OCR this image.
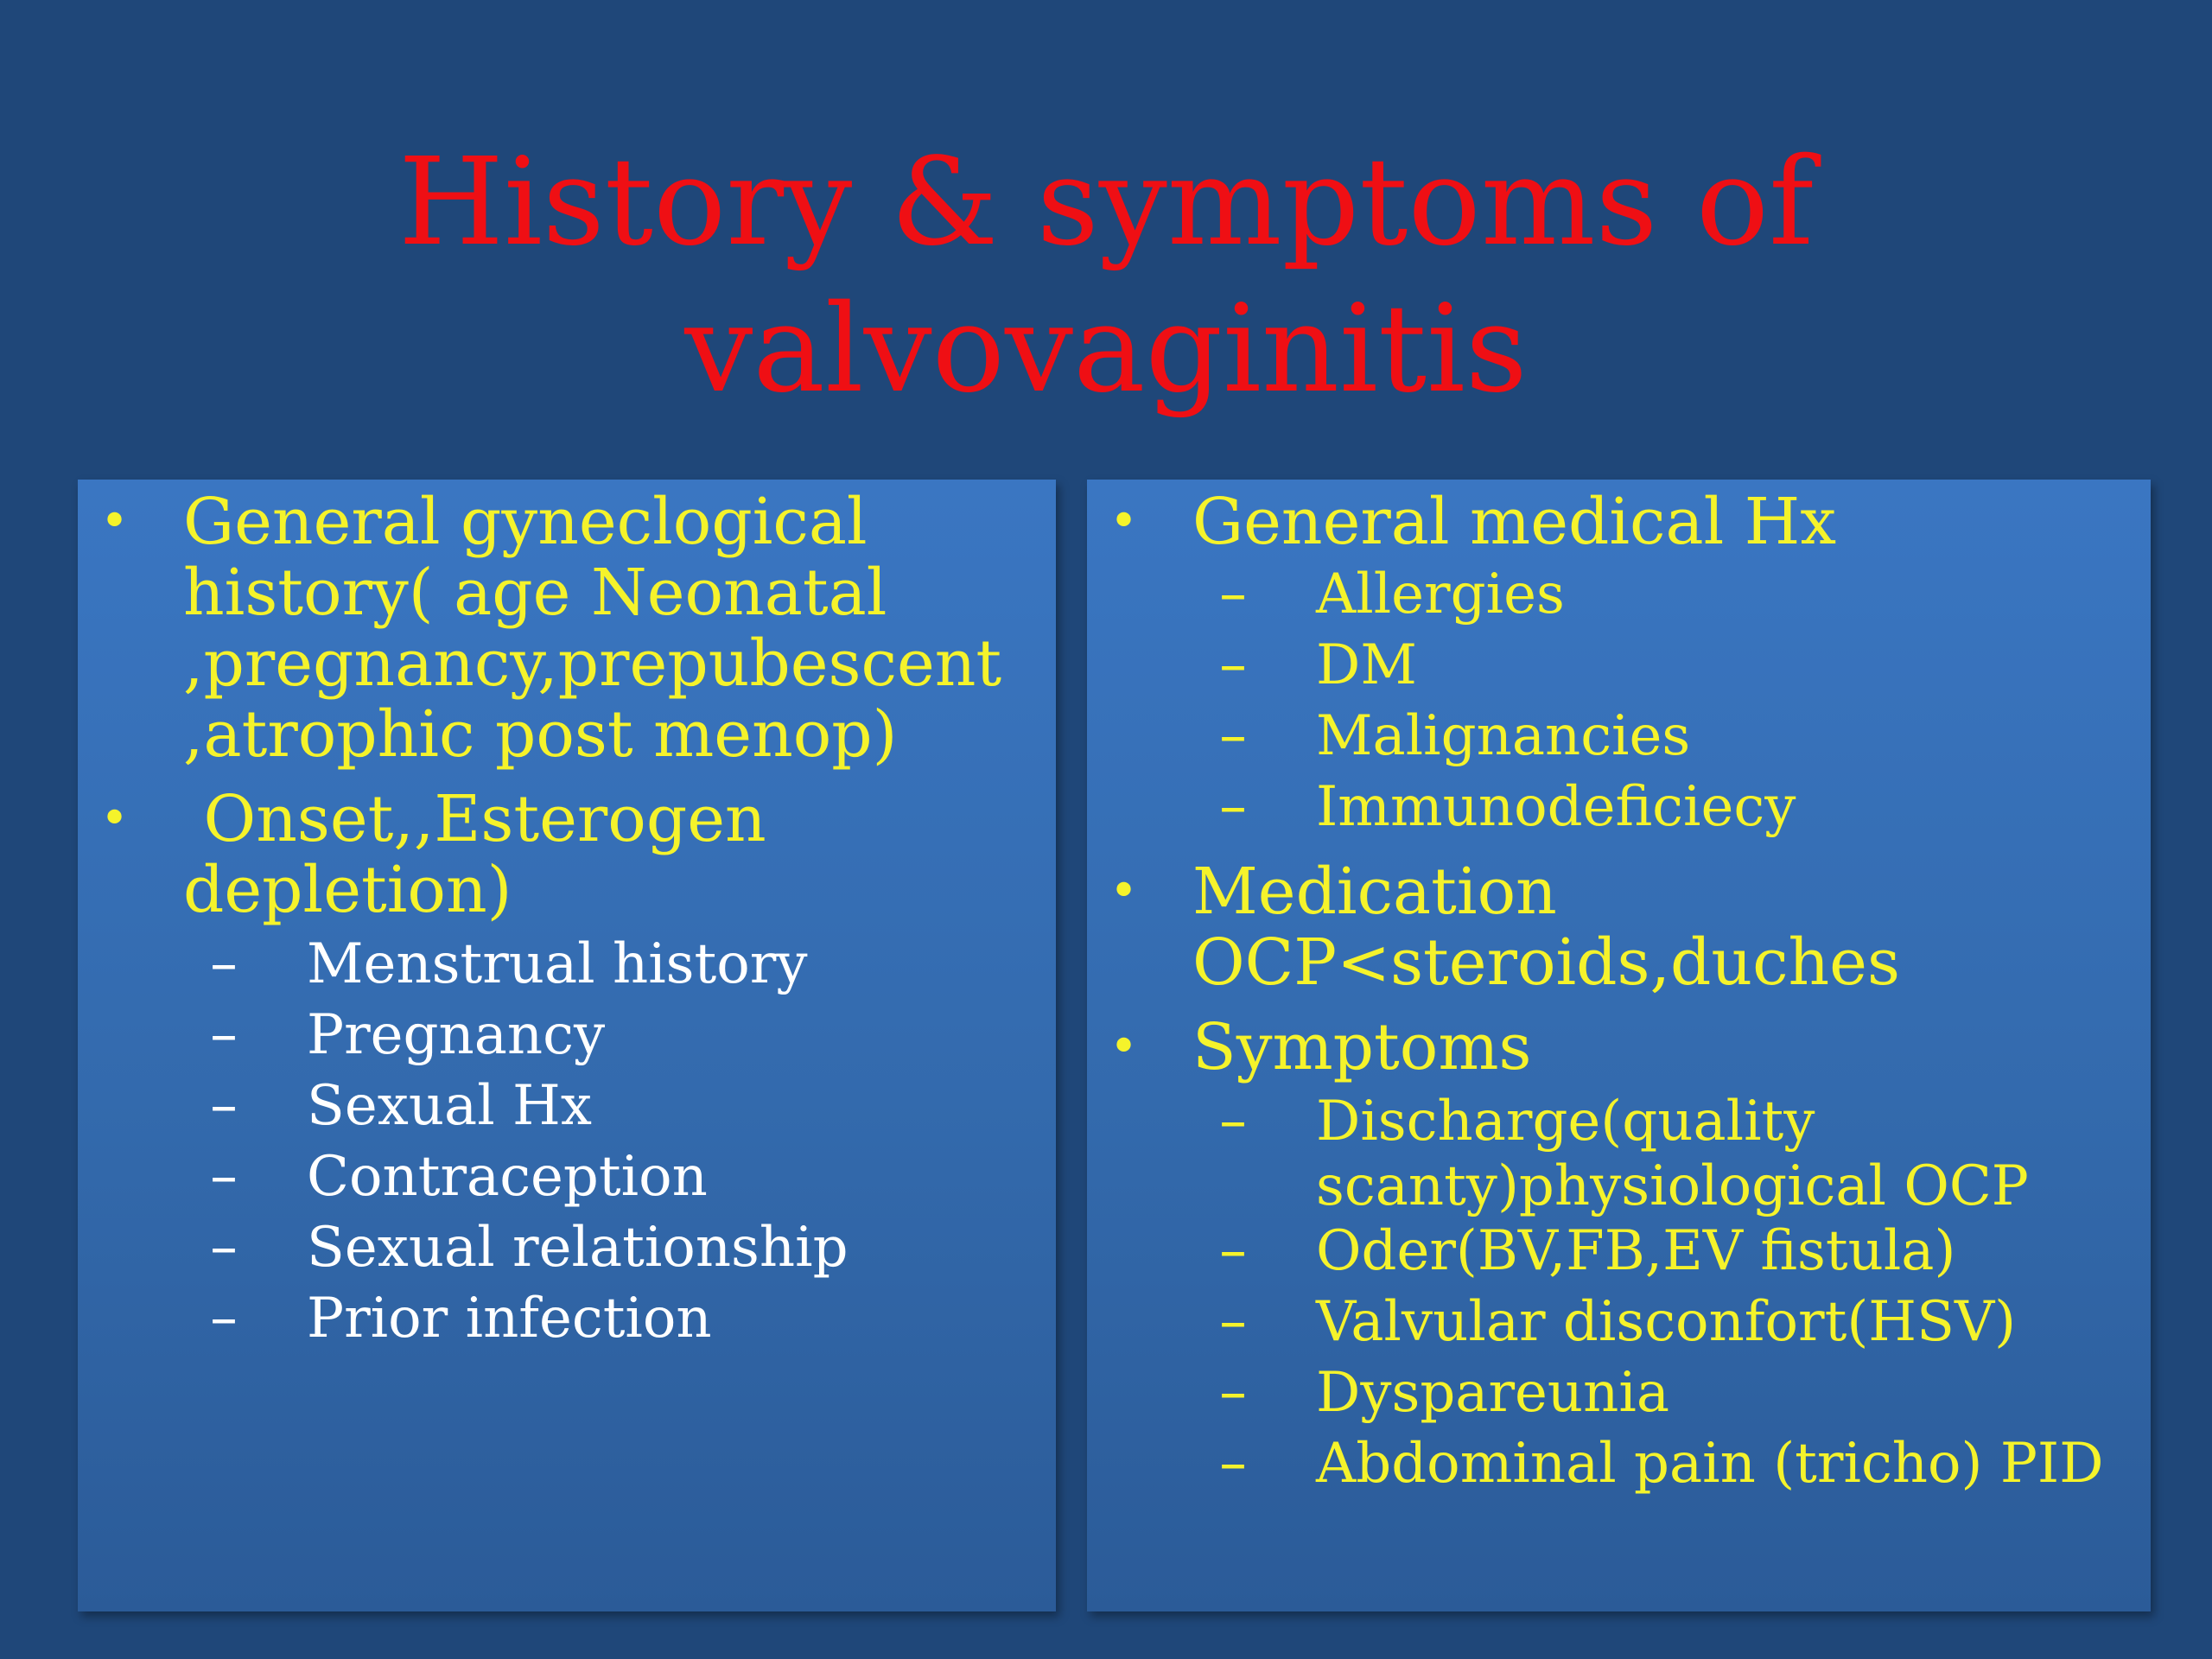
History & symptoms of
valvovaginitis
• General gyneclogical
history( age Neonatal
,pregnancy,prepubescent
,atrophic post menop)
• Onset,,Esterogen
depletion)
– Menstrual history
– Pregnancy
– Sexual Hx
– Contraception
– Sexual relationship
– Prior infection
• General medical Hx
– Allergies
– DM
– Malignancies
– Immunodeficiecy
• Medication
OCP<steroids,duches
• Symptoms
– Discharge(quality
scanty)physiological OCP
– Oder(BV,FB,EV fistula)
– Valvular disconfort(HSV)
– Dyspareunia
– Abdominal pain (tricho) PID
